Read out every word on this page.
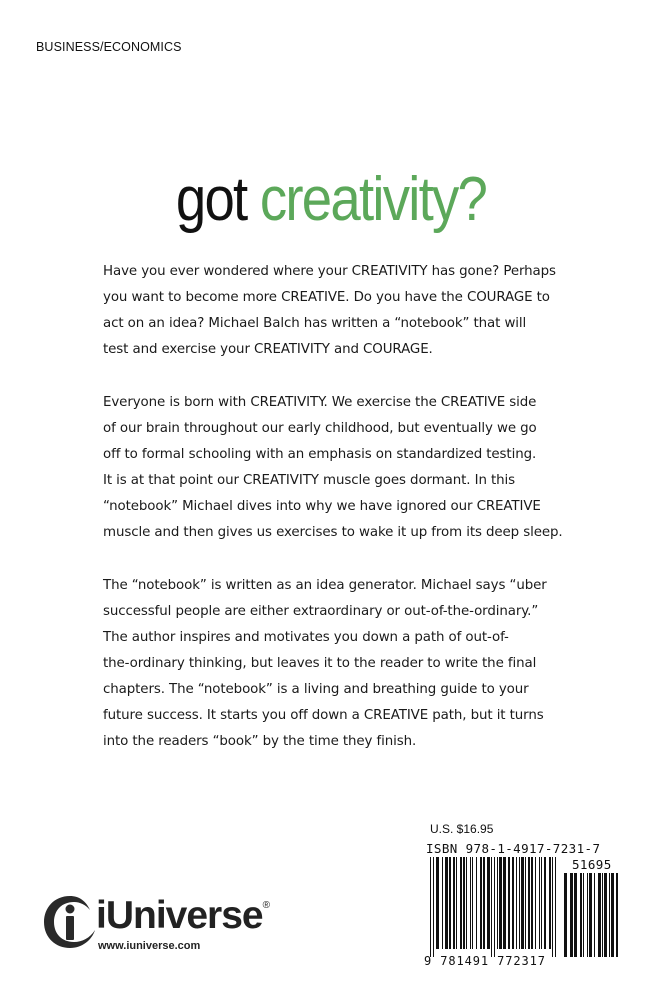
BUSINESS/ECONOMICS
got creativity?
Have you ever wondered where your CREATIVITY has gone? Perhaps
you want to become more CREATIVE. Do you have the COURAGE to
act on an idea? Michael Balch has written a “notebook” that will
test and exercise your CREATIVITY and COURAGE.
Everyone is born with CREATIVITY. We exercise the CREATIVE side
of our brain throughout our early childhood, but eventually we go
off to formal schooling with an emphasis on standardized testing.
It is at that point our CREATIVITY muscle goes dormant. In this
“notebook” Michael dives into why we have ignored our CREATIVE
muscle and then gives us exercises to wake it up from its deep sleep.
The “notebook” is written as an idea generator. Michael says “uber
successful people are either extraordinary or out-of-the-ordinary.”
The author inspires and motivates you down a path of out-of-
the-ordinary thinking, but leaves it to the reader to write the final
chapters. The “notebook” is a living and breathing guide to your
future success. It starts you off down a CREATIVE path, but it turns
into the readers “book” by the time they finish.
U.S. $16.95
ISBN 978-1-4917-7231-7
51695
9 781491 772317
iUniverse®
www.iuniverse.com
